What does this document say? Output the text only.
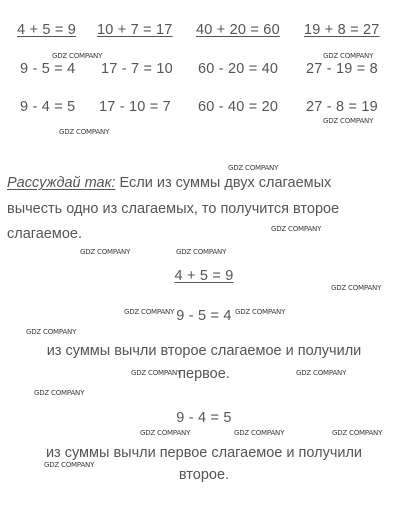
4 + 5 = 9 10 + 7 = 17 40 + 20 = 60 19 + 8 = 27
9 - 5 = 4 17 - 7 = 10 60 - 20 = 40 27 - 19 = 8
9 - 4 = 5 17 - 10 = 7 60 - 40 = 20 27 - 8 = 19
Рассуждай так: Если из суммы двух слагаемых
вычесть одно из слагаемых, то получится второе
слагаемое.
4 + 5 = 9
9 - 5 = 4
из суммы вычли второе слагаемое и получили
первое.
9 - 4 = 5
из суммы вычли первое слагаемое и получили
второе.
GDZ COMPANY	GDZ COMPANY
GDZ COMPANY
GDZ COMPANY
GDZ COMPANY
GDZ COMPANY
GDZ COMPANY	GDZ COMPANY
GDZ COMPANY
GDZ COMPANY	GDZ COMPANY
GDZ COMPANY
GDZ COMPANY	GDZ COMPANY
GDZ COMPANY
GDZ COMPANY	GDZ COMPANY	GDZ COMPANY
GDZ COMPANY
